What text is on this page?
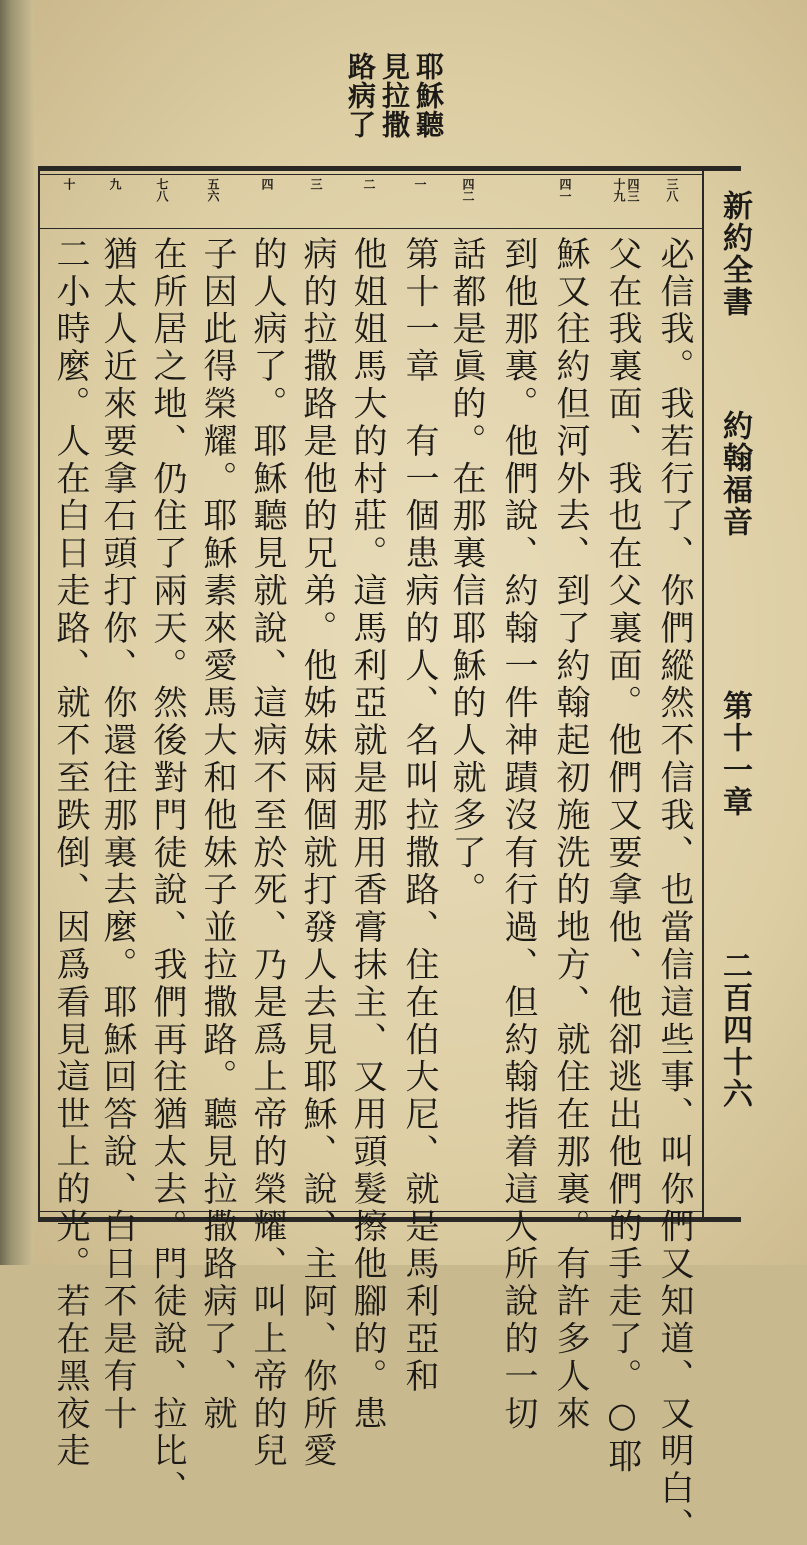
耶穌聽
見拉撒
路病了
新約全書
約翰福音
第十一章
二百四十六
三八
四三
十九
四一
四二
一
二
三
四
五六
七八
九
十
必信我。我若行了、你們縱然不信我、也當信這些事、叫你們又知道、又明白、
父在我裏面、我也在父裏面。他們又要拿他、他卻逃出他們的手走了。○耶
穌又往約但河外去、到了約翰起初施洗的地方、就住在那裏。有許多人來
到他那裏。他們說、約翰一件神蹟沒有行過、但約翰指着這人所說的一切
話都是眞的。在那裏信耶穌的人就多了。
第十一章　有一個患病的人、名叫拉撒路、住在伯大尼、就是馬利亞和
他姐姐馬大的村莊。這馬利亞就是那用香膏抹主、又用頭髮擦他腳的。患
病的拉撒路是他的兄弟。他姊妹兩個就打發人去見耶穌、說、主阿、你所愛
的人病了。耶穌聽見就說、這病不至於死、乃是爲上帝的榮耀、叫上帝的兒
子因此得榮耀。耶穌素來愛馬大和他妹子並拉撒路。聽見拉撒路病了、就
在所居之地、仍住了兩天。然後對門徒說、我們再往猶太去。門徒說、拉比、
猶太人近來要拿石頭打你、你還往那裏去麼。耶穌回答說、白日不是有十
二小時麼。人在白日走路、就不至跌倒、因爲看見這世上的光。若在黑夜走
